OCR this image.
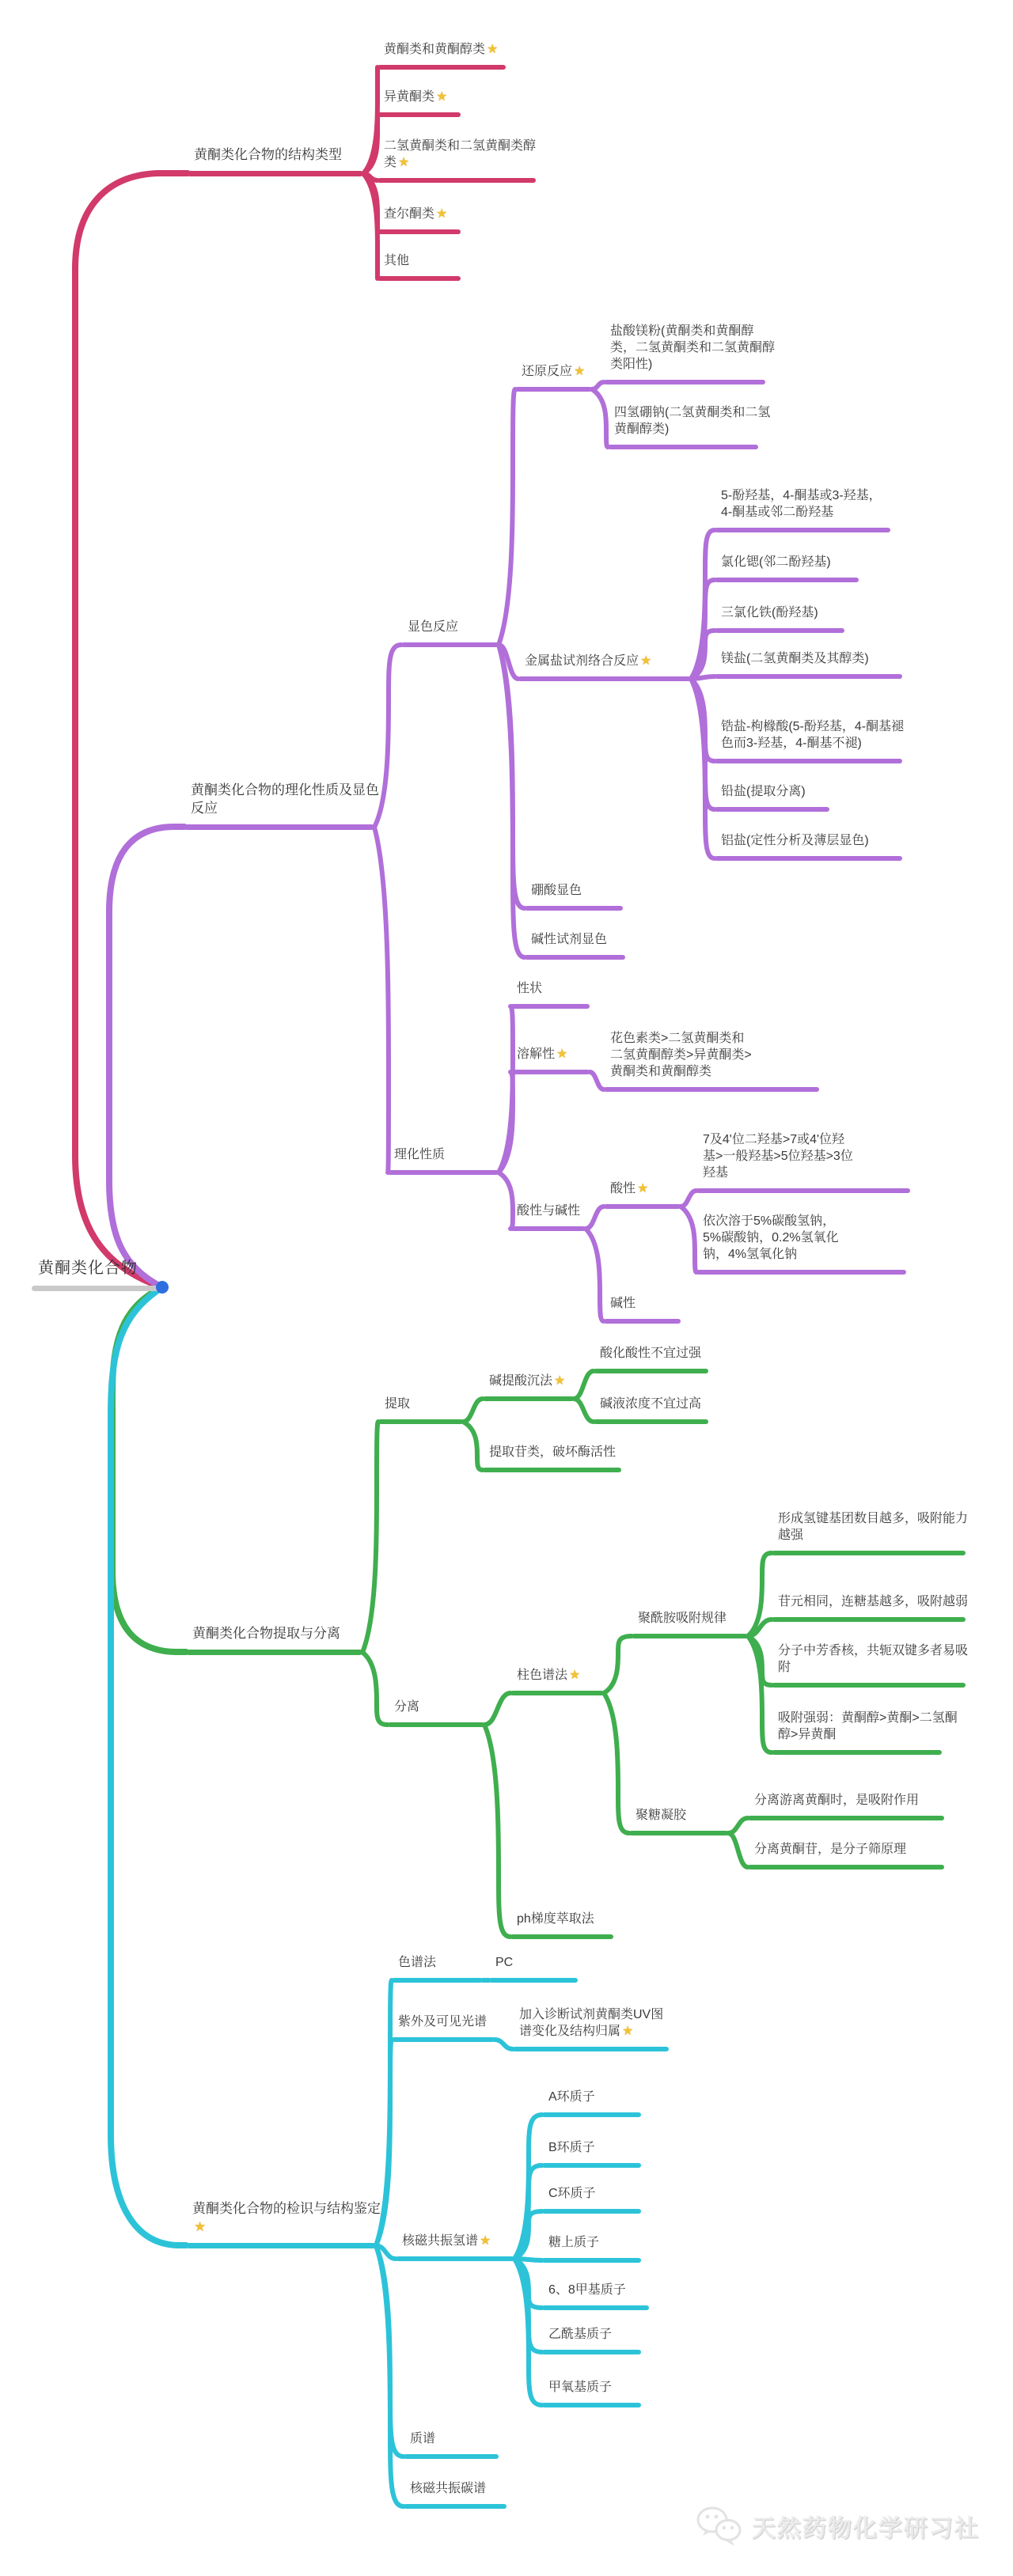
黄酮类化合物
黄酮类化合物的结构类型
黄酮类和黄酮醇类 ★
异黄酮类 ★
二氢黄酮类和二氢黄酮类醇类 ★
查尔酮类 ★
其他
黄酮类化合物的理化性质及显色反应
显色反应
还原反应 ★
盐酸镁粉(黄酮类和黄酮醇类，二氢黄酮类和二氢黄酮醇类阳性)
四氢硼钠(二氢黄酮类和二氢黄酮醇类)
金属盐试剂络合反应 ★
5-酚羟基，4-酮基或3-羟基，4-酮基或邻二酚羟基
氯化锶(邻二酚羟基)
三氯化铁(酚羟基)
镁盐(二氢黄酮类及其醇类)
锆盐-枸橼酸(5-酚羟基，4-酮基褪色而3-羟基，4-酮基不褪)
铅盐(提取分离)
铝盐(定性分析及薄层显色)
硼酸显色
碱性试剂显色
理化性质
性状
溶解性 ★
花色素类>二氢黄酮类和二氢黄酮醇类>异黄酮类>黄酮类和黄酮醇类
酸性与碱性
酸性 ★
7及4'位二羟基>7或4'位羟基>一般羟基>5位羟基>3位羟基
依次溶于5%碳酸氢钠，5%碳酸钠，0.2%氢氧化钠，4%氢氧化钠
碱性
黄酮类化合物提取与分离
提取
碱提酸沉法 ★
酸化酸性不宜过强
碱液浓度不宜过高
提取苷类，破坏酶活性
分离
柱色谱法 ★
聚酰胺吸附规律
形成氢键基团数目越多，吸附能力越强
苷元相同，连糖基越多，吸附越弱
分子中芳香核，共轭双键多者易吸附
吸附强弱：黄酮醇>黄酮>二氢酮醇>异黄酮
聚糖凝胶
分离游离黄酮时，是吸附作用
分离黄酮苷，是分子筛原理
ph梯度萃取法
黄酮类化合物的检识与结构鉴定★
色谱法	PC
紫外及可见光谱
加入诊断试剂黄酮类UV图谱变化及结构归属 ★
核磁共振氢谱 ★
A环质子
B环质子
C环质子
糖上质子
6、8甲基质子
乙酰基质子
甲氧基质子
质谱
核磁共振碳谱
天然药物化学研习社
